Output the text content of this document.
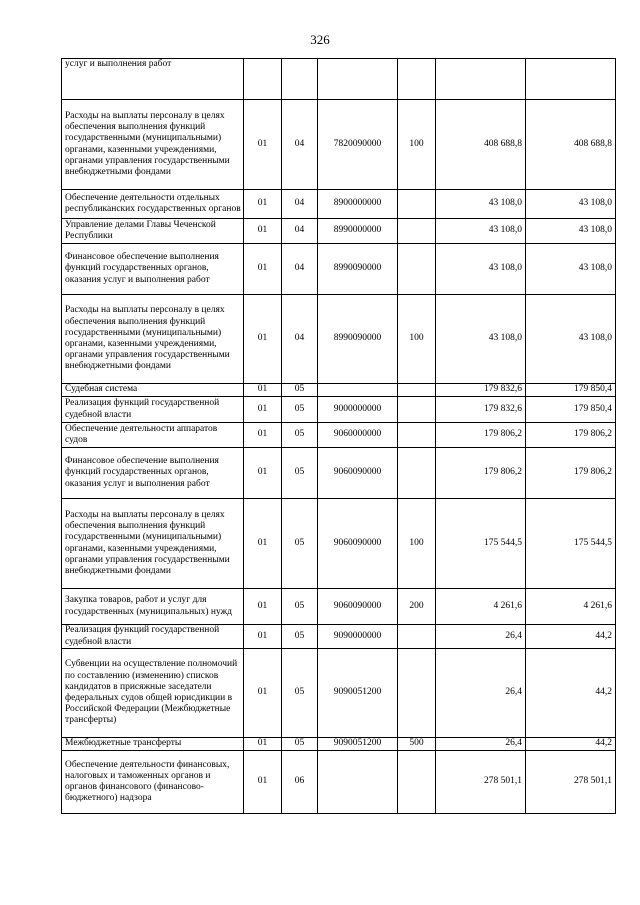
326
услуг и выполнения работ						
Расходы на выплаты персоналу в целях обеспечения выполнения функций государственными (муниципальными) органами, казенными учреждениями, органами управления государственными внебюджетными фондами	01	04	7820090000	100	408 688,8	408 688,8
Обеспечение деятельности отдельных республиканских государственных органов	01	04	8900000000		43 108,0	43 108,0
Управление делами Главы Чеченской Республики	01	04	8990000000		43 108,0	43 108,0
Финансовое обеспечение выполнения функций государственных органов, оказания услуг и выполнения работ	01	04	8990090000		43 108,0	43 108,0
Расходы на выплаты персоналу в целях обеспечения выполнения функций государственными (муниципальными) органами, казенными учреждениями, органами управления государственными внебюджетными фондами	01	04	8990090000	100	43 108,0	43 108,0
Судебная система	01	05			179 832,6	179 850,4
Реализация функций государственной судебной власти	01	05	9000000000		179 832,6	179 850,4
Обеспечение деятельности аппаратов судов	01	05	9060000000		179 806,2	179 806,2
Финансовое обеспечение выполнения функций государственных органов, оказания услуг и выполнения работ	01	05	9060090000		179 806,2	179 806,2
Расходы на выплаты персоналу в целях обеспечения выполнения функций государственными (муниципальными) органами, казенными учреждениями, органами управления государственными внебюджетными фондами	01	05	9060090000	100	175 544,5	175 544,5
Закупка товаров, работ и услуг для государственных (муниципальных) нужд	01	05	9060090000	200	4 261,6	4 261,6
Реализация функций государственной судебной власти	01	05	9090000000		26,4	44,2
Субвенции на осуществление полномочий по составлению (изменению) списков кандидатов в присяжные заседатели федеральных судов общей юрисдикции в Российской Федерации (Межбюджетные трансферты)	01	05	9090051200		26,4	44,2
Межбюджетные трансферты	01	05	9090051200	500	26,4	44,2
Обеспечение деятельности финансовых, налоговых и таможенных органов и органов финансового (финансово-бюджетного) надзора	01	06			278 501,1	278 501,1
